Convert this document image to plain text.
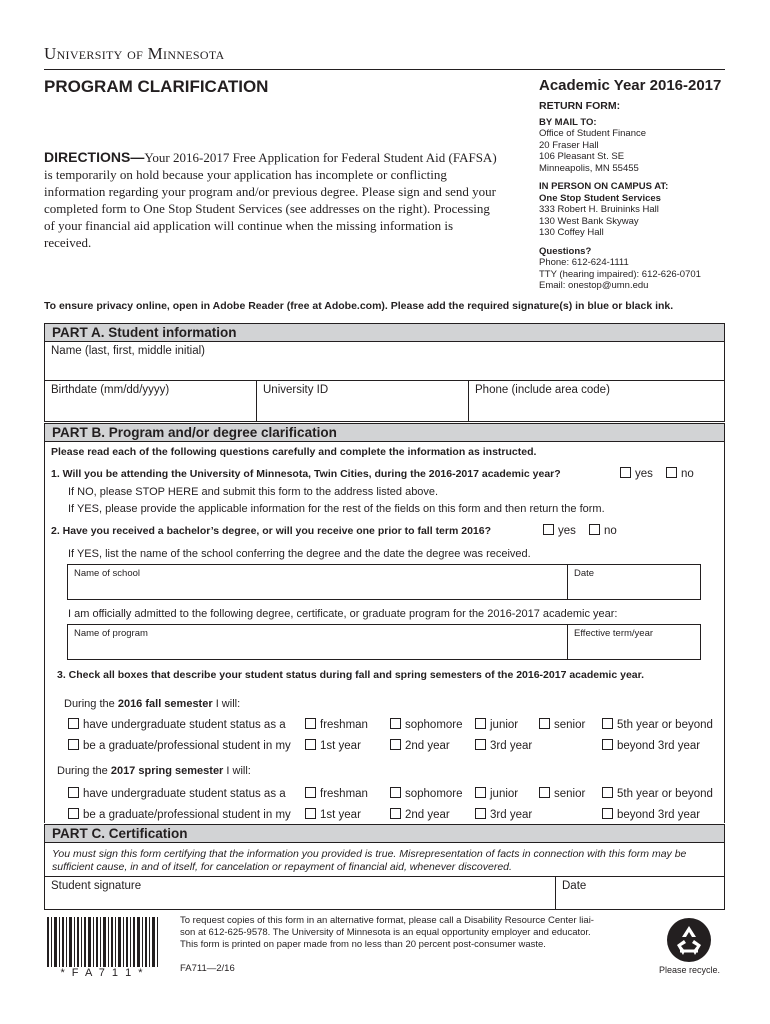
University of Minnesota
PROGRAM CLARIFICATION	Academic Year 2016-2017
RETURN FORM:
BY MAIL TO:
Office of Student Finance
20 Fraser Hall
106 Pleasant St. SE
Minneapolis, MN 55455
IN PERSON ON CAMPUS AT:
One Stop Student Services
333 Robert H. Bruininks Hall
130 West Bank Skyway
130 Coffey Hall
Questions?
Phone: 612-624-1111
TTY (hearing impaired): 612-626-0701
Email: onestop@umn.edu
DIRECTIONS—Your 2016-2017 Free Application for Federal Student Aid (FAFSA) is temporarily on hold because your application has incomplete or conflicting information regarding your program and/or previous degree. Please sign and send your completed form to One Stop Student Services (see addresses on the right). Processing of your financial aid application will continue when the missing information is received.
To ensure privacy online, open in Adobe Reader (free at Adobe.com). Please add the required signature(s) in blue or black ink.
PART A. Student information
Name (last, first, middle initial)
Birthdate (mm/dd/yyyy)	University ID	Phone (include area code)
PART B. Program and/or degree clarification
Please read each of the following questions carefully and complete the information as instructed.
1. Will you be attending the University of Minnesota, Twin Cities, during the 2016-2017 academic year?	yes	no
If NO, please STOP HERE and submit this form to the address listed above.
If YES, please provide the applicable information for the rest of the fields on this form and then return the form.
2. Have you received a bachelor’s degree, or will you receive one prior to fall term 2016?	yes	no
If YES, list the name of the school conferring the degree and the date the degree was received.
Name of school	Date
I am officially admitted to the following degree, certificate, or graduate program for the 2016-2017 academic year:
Name of program	Effective term/year
3. Check all boxes that describe your student status during fall and spring semesters of the 2016-2017 academic year.
During the 2016 fall semester I will:
have undergraduate student status as a	freshman	sophomore	junior	senior	5th year or beyond
be a graduate/professional student in my	1st year	2nd year	3rd year	beyond 3rd year
During the 2017 spring semester I will:
have undergraduate student status as a	freshman	sophomore	junior	senior	5th year or beyond
be a graduate/professional student in my	1st year	2nd year	3rd year	beyond 3rd year
PART C. Certification
You must sign this form certifying that the information you provided is true. Misrepresentation of facts in connection with this form may be sufficient cause, in and of itself, for cancelation or repayment of financial aid, whenever discovered.
Student signature	Date
* F A 7 1 1 *
To request copies of this form in an alternative format, please call a Disability Resource Center liai-
son at 612-625-9578. The University of Minnesota is an equal opportunity employer and educator.
This form is printed on paper made from no less than 20 percent post-consumer waste.
FA711—2/16	Please recycle.
